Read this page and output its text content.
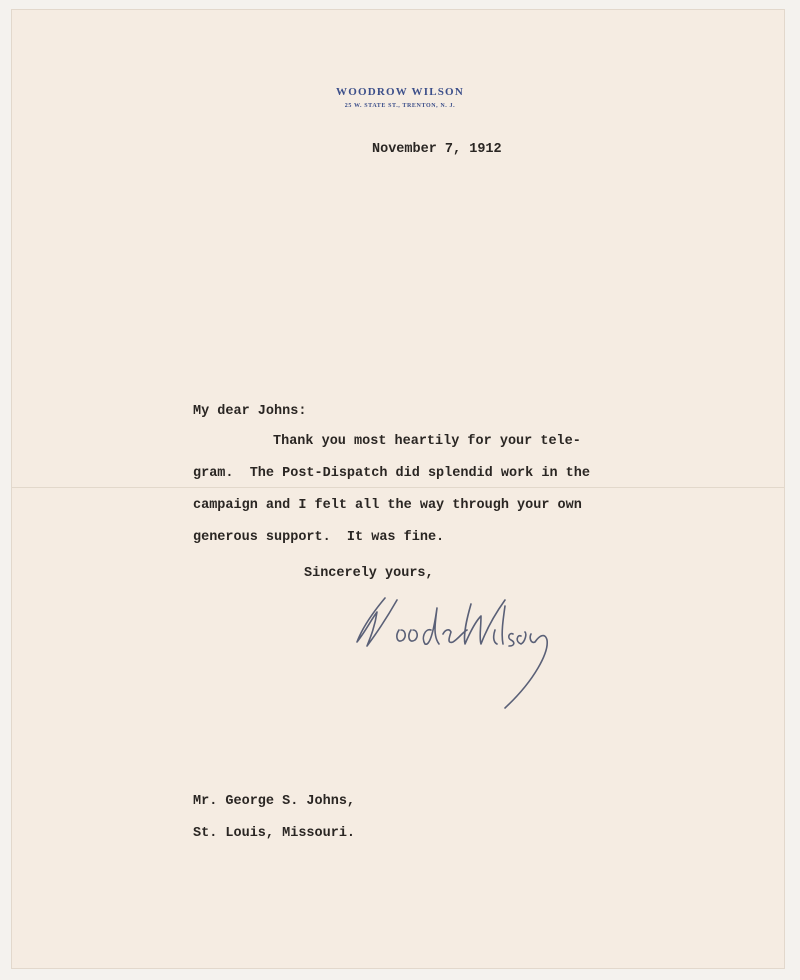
WOODROW WILSON
25 W. STATE ST., TRENTON, N. J.
November 7, 1912
My dear Johns:
Thank you most heartily for your tele-
gram.  The Post-Dispatch did splendid work in the
campaign and I felt all the way through your own
generous support.  It was fine.
Sincerely yours,
Mr. George S. Johns,
St. Louis, Missouri.
